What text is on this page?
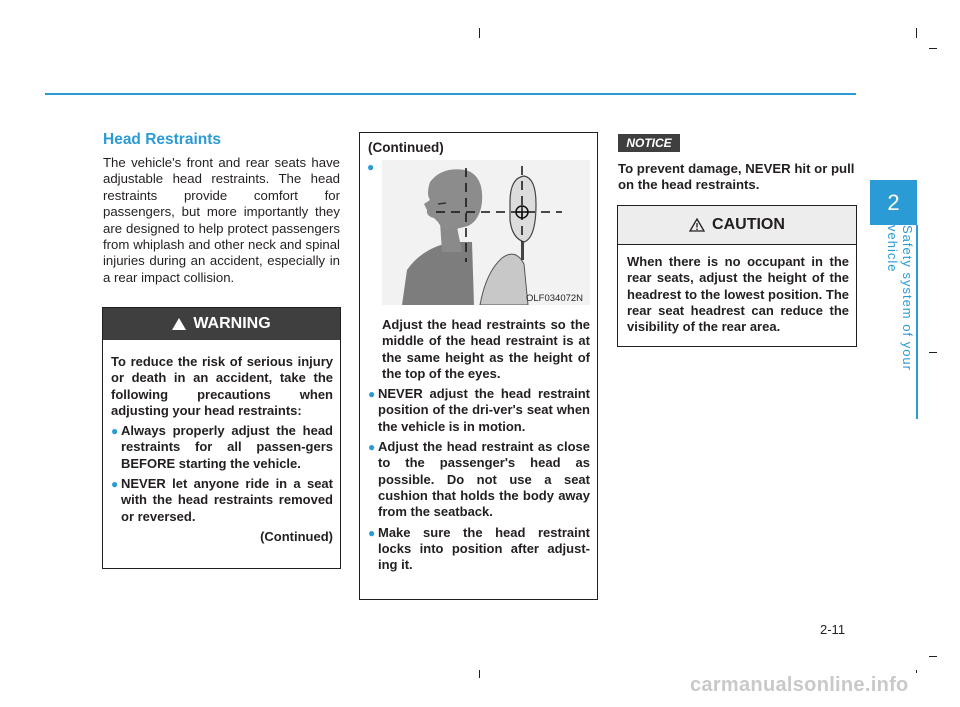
Head Restraints

The vehicle's front and rear seats have adjustable head restraints. The head restraints provide comfort for passengers, but more importantly they are designed to help protect passengers from whiplash and other neck and spinal injuries during an accident, especially in a rear impact collision.

WARNING
To reduce the risk of serious injury or death in an accident, take the following precautions when adjusting your head restraints:
● Always properly adjust the head restraints for all passen-gers BEFORE starting the vehicle.
● NEVER let anyone ride in a seat with the head restraints removed or reversed.
(Continued)
(Continued)
●
OLF034072N
Adjust the head restraints so the middle of the head restraint is at the same height as the height of the top of the eyes.
● NEVER adjust the head restraint position of the dri-ver's seat when the vehicle is in motion.
● Adjust the head restraint as close to the passenger's head as possible. Do not use a seat cushion that holds the body away from the seatback.
● Make sure the head restraint locks into position after adjust-ing it.
NOTICE

To prevent damage, NEVER hit or pull on the head restraints.

CAUTION
When there is no occupant in the rear seats, adjust the height of the headrest to the lowest position. The rear seat headrest can reduce the visibility of the rear area.
2
Safety system of your vehicle
2-11
carmanualsonline.info
